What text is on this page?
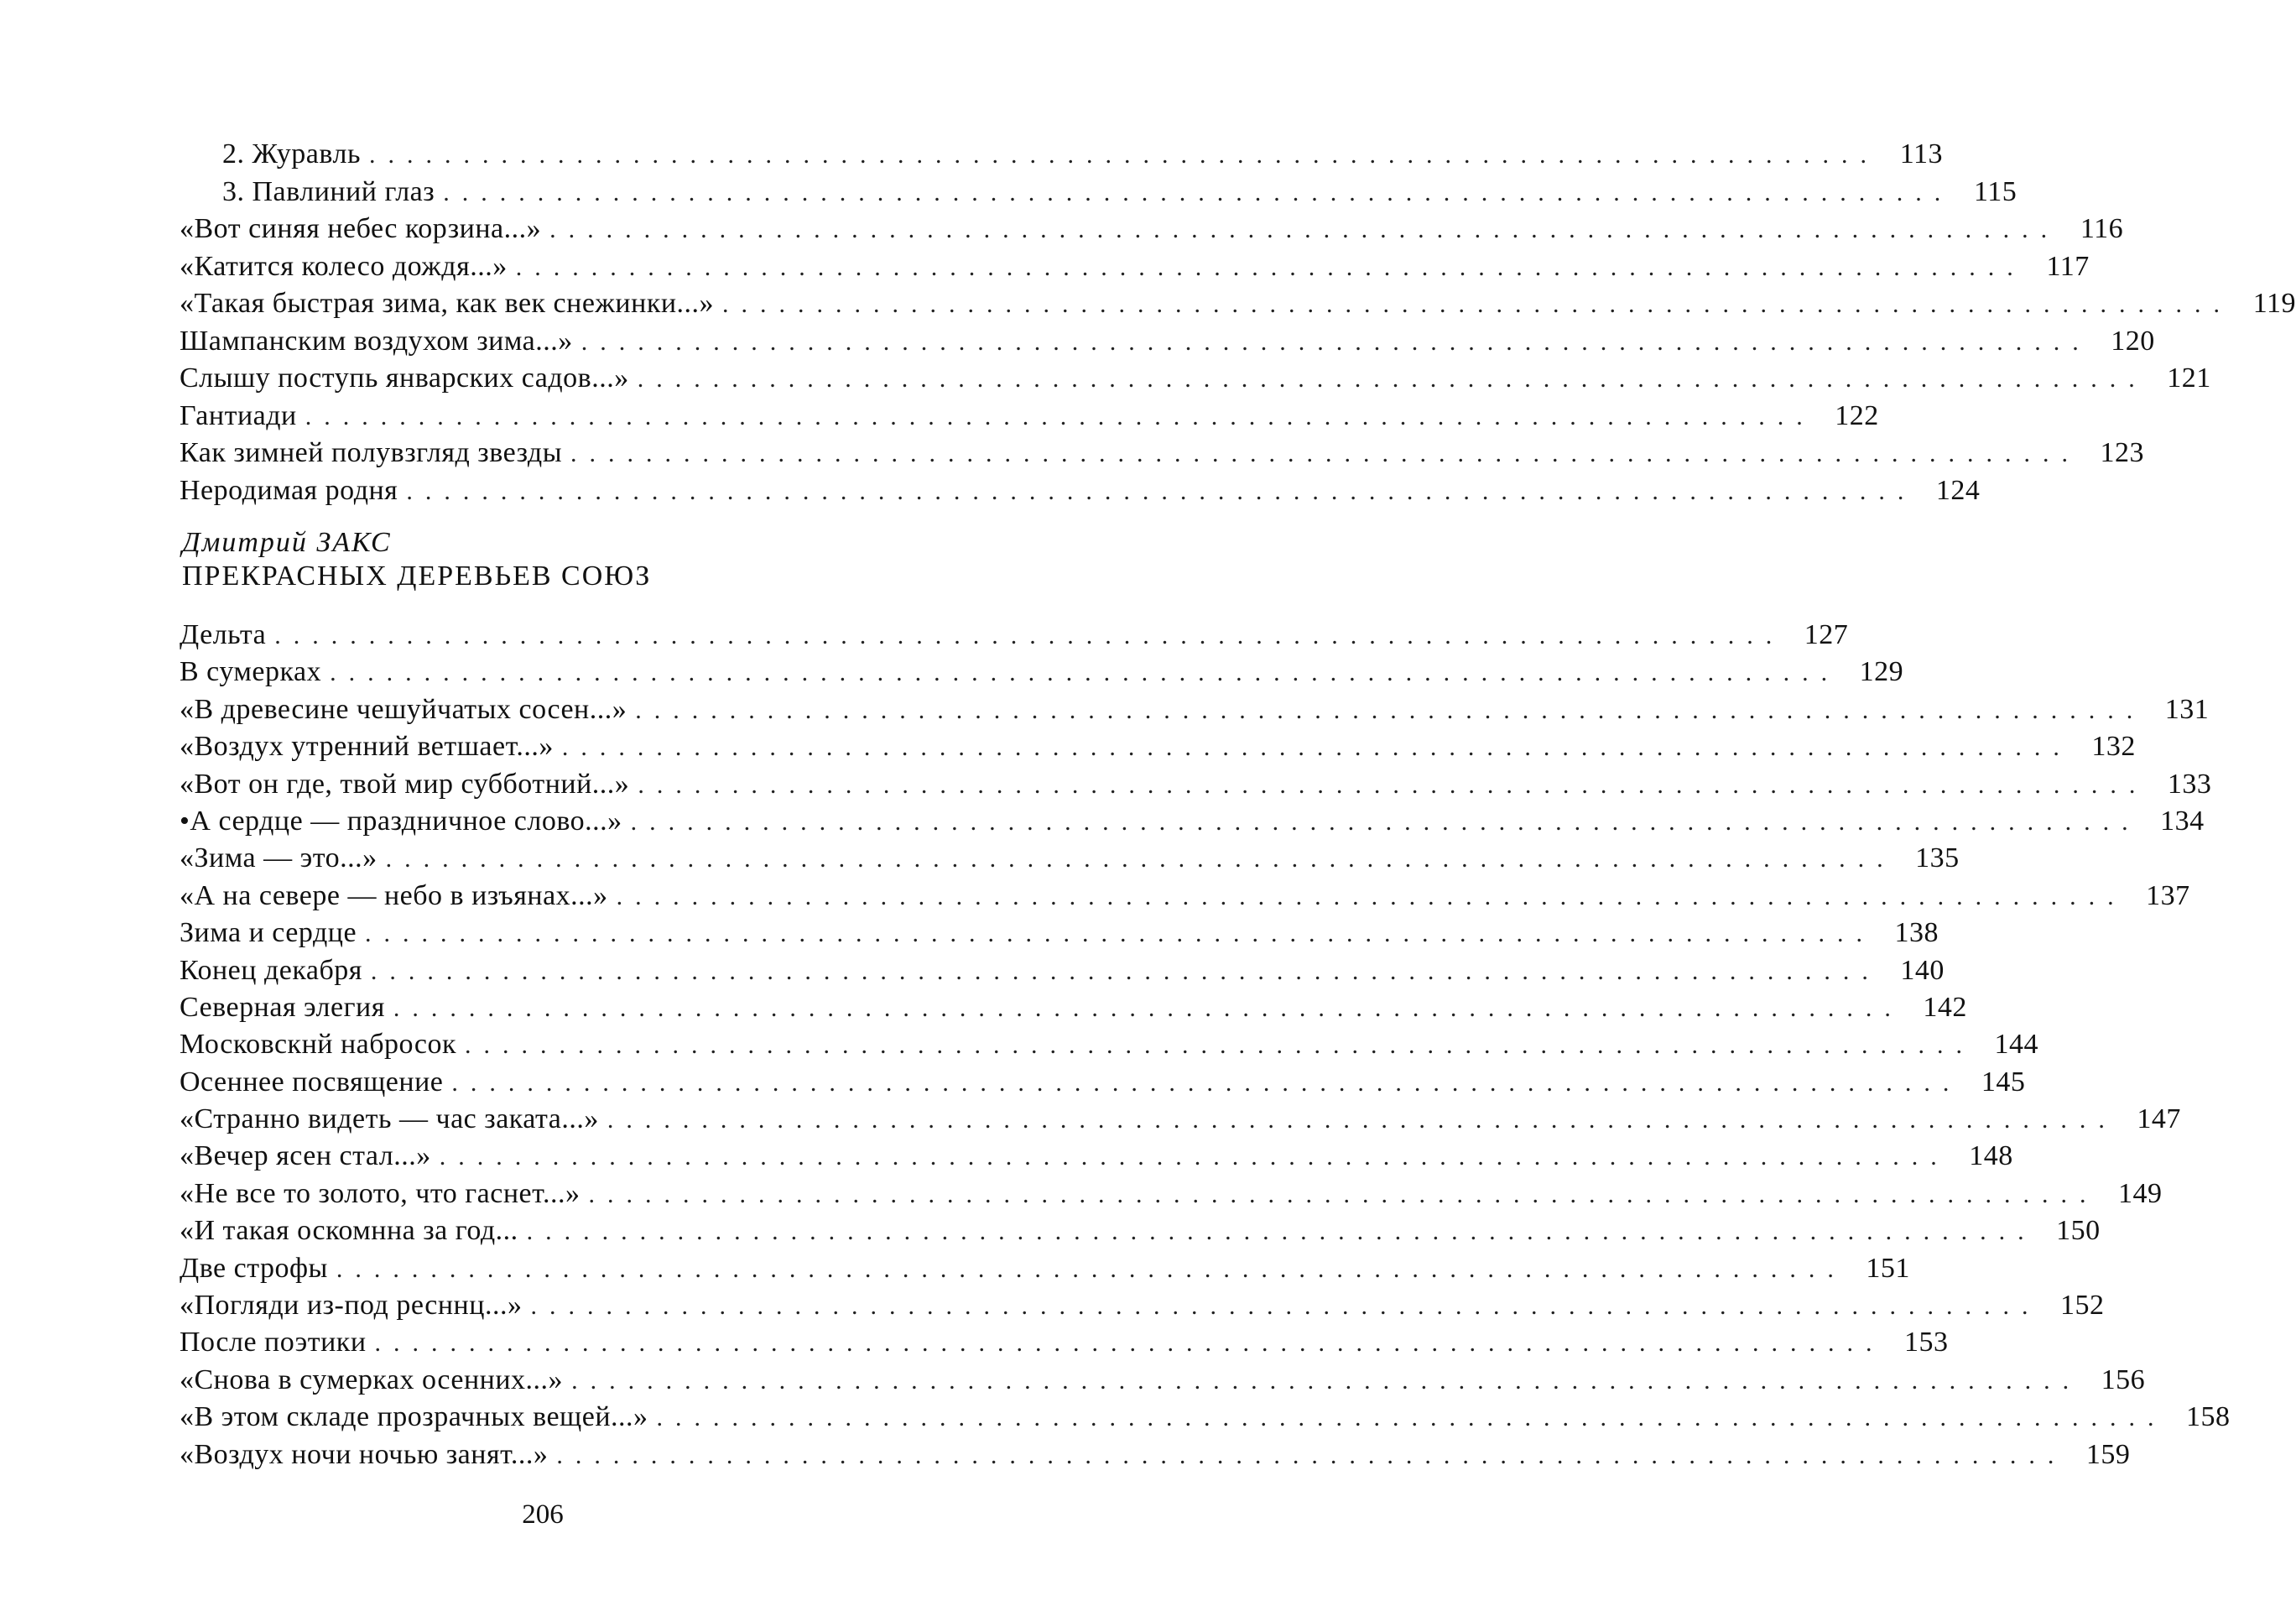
2. Журавль ................................................................................ 113
3. Павлиний глаз ................................................................................ 115
«Вот синяя небес корзина...» ................................................................................ 116
«Катится колесо дождя...» ................................................................................ 117
«Такая быстрая зима, как век снежинки...» ................................................................................ 119
Шампанским воздухом зима...» ................................................................................ 120
Слышу поступь январских садов...» ................................................................................ 121
Гантиади ................................................................................ 122
Как зимней полувзгляд звезды ................................................................................ 123
Неродимая родня ................................................................................ 124
Дмитрий ЗАКС
ПРЕКРАСНЫХ ДЕРЕВЬЕВ СОЮЗ
Дельта ................................................................................ 127
В сумерках ................................................................................ 129
«В древесине чешуйчатых сосен...» ................................................................................ 131
«Воздух утренний ветшает...» ................................................................................ 132
«Вот он где, твой мир субботний...» ................................................................................ 133
•А сердце — праздничное слово...» ................................................................................ 134
«Зима — это...» ................................................................................ 135
«А на севере — небо в изъянах...» ................................................................................ 137
Зима и сердце ................................................................................ 138
Конец декабря ................................................................................ 140
Северная элегия ................................................................................ 142
Московскнй набросок ................................................................................ 144
Осеннее посвящение ................................................................................ 145
«Странно видеть — час заката...» ................................................................................ 147
«Вечер ясен стал...» ................................................................................ 148
«Не все то золото, что гаснет...» ................................................................................ 149
«И такая оскомнна за год... ................................................................................ 150
Две строфы ................................................................................ 151
«Погляди из-под ресннц...» ................................................................................ 152
После поэтики ................................................................................ 153
«Снова в сумерках осенних...» ................................................................................ 156
«В этом складе прозрачных вещей...» ................................................................................ 158
«Воздух ночи ночью занят...» ................................................................................ 159
206
